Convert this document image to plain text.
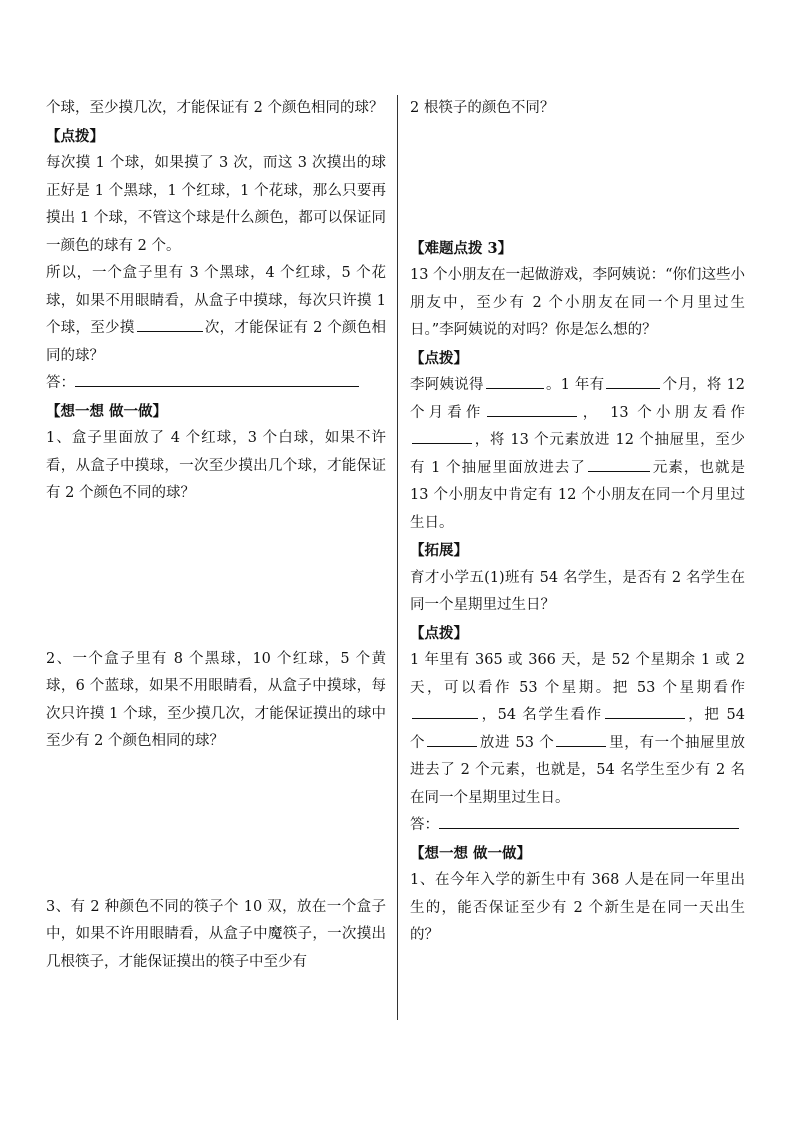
个球，至少摸几次，才能保证有 2 个颜色相同的球？

【点拨】

每次摸 1 个球，如果摸了 3 次，而这 3 次摸出的球正好是 1 个黑球，1 个红球，1 个花球，那么只要再摸出 1 个球，不管这个球是什么颜色，都可以保证同一颜色的球有 2 个。

所以，一个盒子里有 3 个黑球，4 个红球，5 个花球，如果不用眼睛看，从盒子中摸球，每次只许摸 1 个球，至少摸	次，才能保证有 2 个颜色相同的球？

答：

【想一想 做一做】

1、盒子里面放了 4 个红球，3 个白球，如果不许看，从盒子中摸球，一次至少摸出几个球，才能保证有 2 个颜色不同的球？

2、一个盒子里有 8 个黑球，10 个红球，5 个黄球，6 个蓝球，如果不用眼睛看，从盒子中摸球，每次只许摸 1 个球，至少摸几次，才能保证摸出的球中至少有 2 个颜色相同的球？

3、有 2 种颜色不同的筷子个 10 双，放在一个盒子中，如果不许用眼睛看，从盒子中魔筷子，一次摸出几根筷子，才能保证摸出的筷子中至少有

2 根筷子的颜色不同？

【难题点拨 3】

13 个小朋友在一起做游戏，李阿姨说：“你们这些小朋友中，至少有 2 个小朋友在同一个月里过生日。”李阿姨说的对吗？你是怎么想的？

【点拨】

李阿姨说得	。1 年有	个月，将 12 个月看作	， 13 个小朋友看作，将 13 个元素放进 12 个抽屉里，至少有 1 个抽屉里面放进去了	元素，也就是 13 个小朋友中肯定有 12 个小朋友在同一个月里过生日。

【拓展】

育才小学五(1)班有 54 名学生，是否有 2 名学生在同一个星期里过生日？

【点拨】

1 年里有 365 或 366 天，是 52 个星期余 1 或 2 天，可以看作 53 个星期。把 53 个星期看作，54 名学生看作	，把 54 个	放进 53 个	里，有一个抽屉里放进去了 2 个元素，也就是，54 名学生至少有 2 名在同一个星期里过生日。

答：

【想一想 做一做】

1、在今年入学的新生中有 368 人是在同一年里出生的，能否保证至少有 2 个新生是在同一天出生的？
